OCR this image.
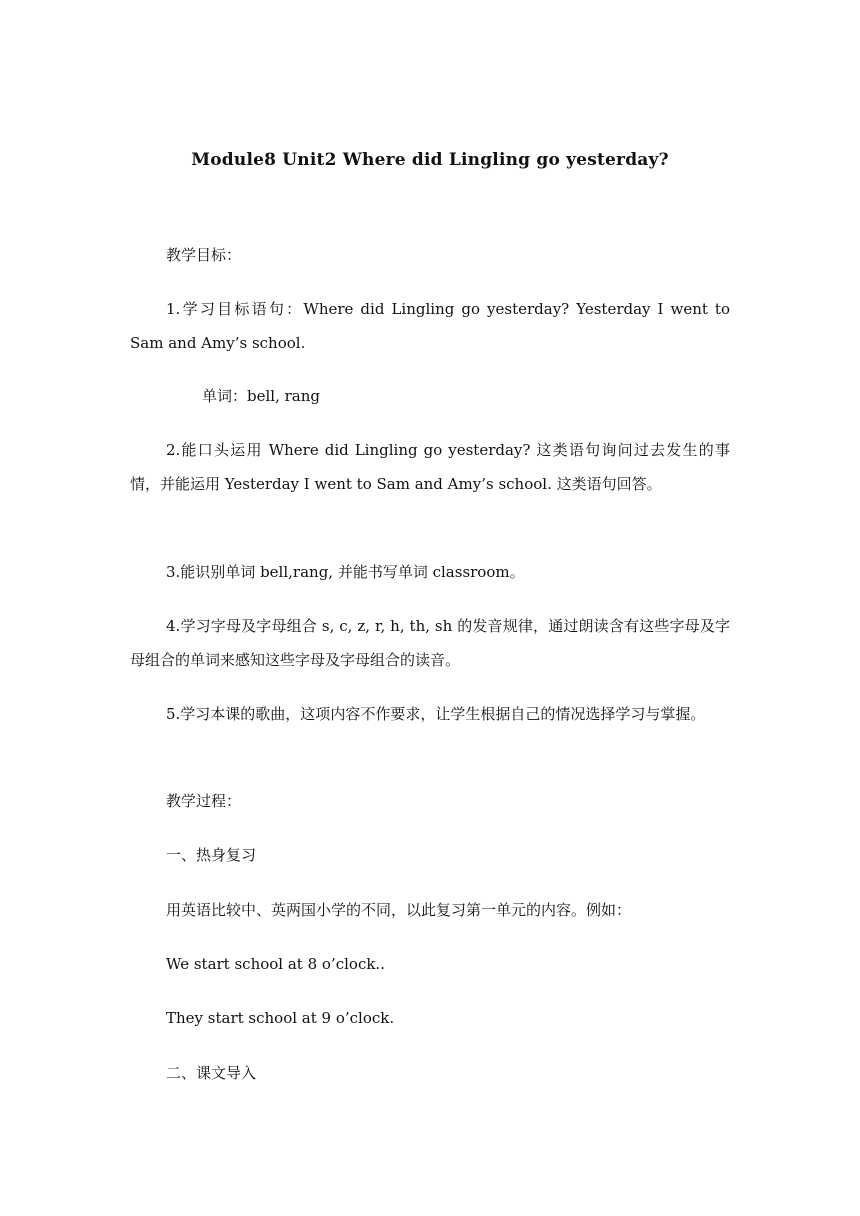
Module8 Unit2 Where did Lingling go yesterday?
教学目标：
1.学习目标语句：Where did Lingling go yesterday? Yesterday I went to Sam and Amy’s school.
单词：bell, rang
2.能口头运用 Where did Lingling go yesterday? 这类语句询问过去发生的事情，并能运用 Yesterday I went to Sam and Amy’s school. 这类语句回答。
3.能识别单词 bell,rang, 并能书写单词 classroom。
4.学习字母及字母组合 s, c, z, r, h, th, sh 的发音规律，通过朗读含有这些字母及字母组合的单词来感知这些字母及字母组合的读音。
5.学习本课的歌曲，这项内容不作要求，让学生根据自己的情况选择学习与掌握。
教学过程：
一、热身复习
用英语比较中、英两国小学的不同，以此复习第一单元的内容。例如：
We start school at 8 o’clock..
They start school at 9 o’clock.
二、课文导入
